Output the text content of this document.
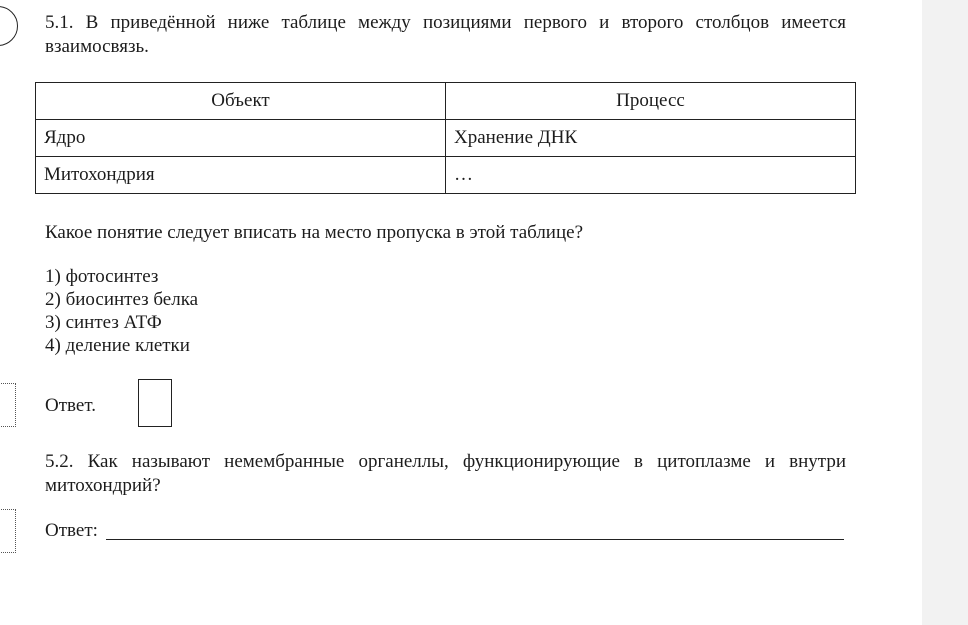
5.1. В приведённой ниже таблице между позициями первого и второго столбцов имеется
взаимосвязь.
Объект	Процесс
Ядро	Хранение ДНК
Митохондрия	…
Какое понятие следует вписать на место пропуска в этой таблице?
1) фотосинтез
2) биосинтез белка
3) синтез АТФ
4) деление клетки
Ответ.
5.2. Как называют немембранные органеллы, функционирующие в цитоплазме и внутри
митохондрий?
Ответ:
